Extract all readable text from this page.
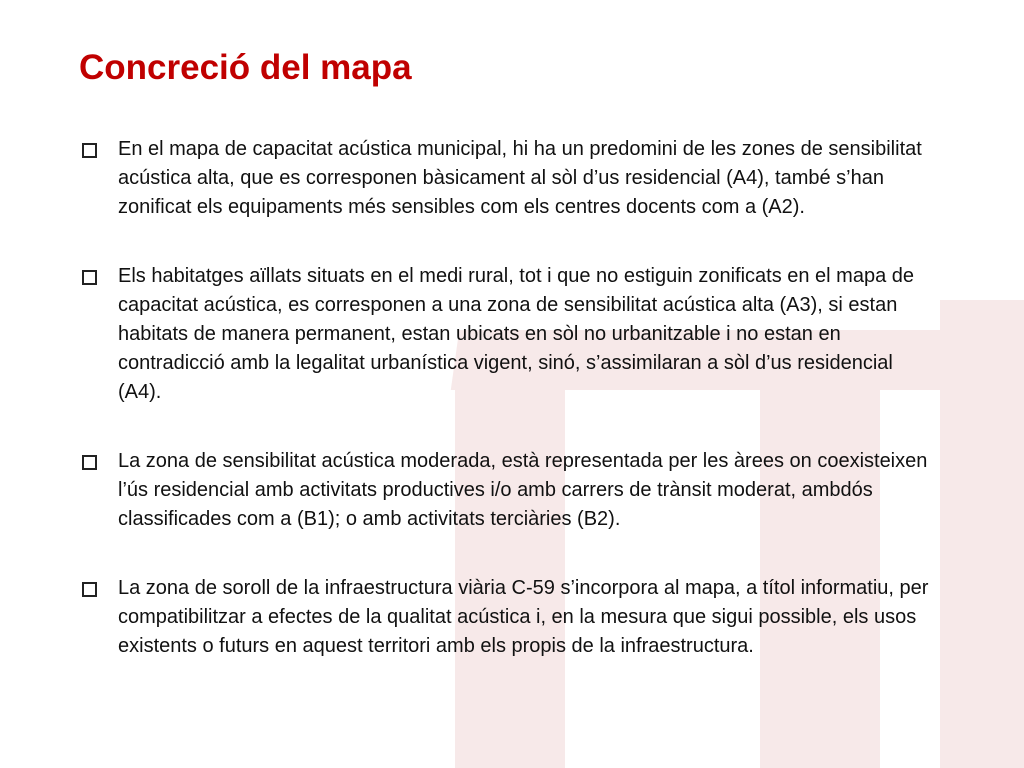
Concreció del mapa
En el mapa de capacitat acústica municipal, hi ha un predomini de les zones de sensibilitat acústica alta, que es corresponen bàsicament al sòl d’us residencial (A4), també s’han zonificat els equipaments més sensibles com els centres docents com a (A2).
Els habitatges aïllats situats en el medi rural, tot i que no estiguin zonificats en el mapa de capacitat acústica, es corresponen a una zona de sensibilitat acústica alta (A3), si estan habitats de manera permanent, estan ubicats en sòl no urbanitzable i no estan en contradicció amb la legalitat urbanística vigent, sinó, s’assimilaran a sòl d’us residencial (A4).
La zona de sensibilitat acústica moderada, està representada per les àrees on coexisteixen l’ús residencial amb activitats productives i/o amb carrers de trànsit moderat, ambdós classificades com a (B1); o amb activitats terciàries (B2).
La zona de soroll de la infraestructura viària C-59 s’incorpora al mapa, a títol informatiu, per compatibilitzar a efectes de la qualitat acústica i, en la mesura que sigui possible, els usos existents o futurs en aquest territori amb els propis de la infraestructura.
